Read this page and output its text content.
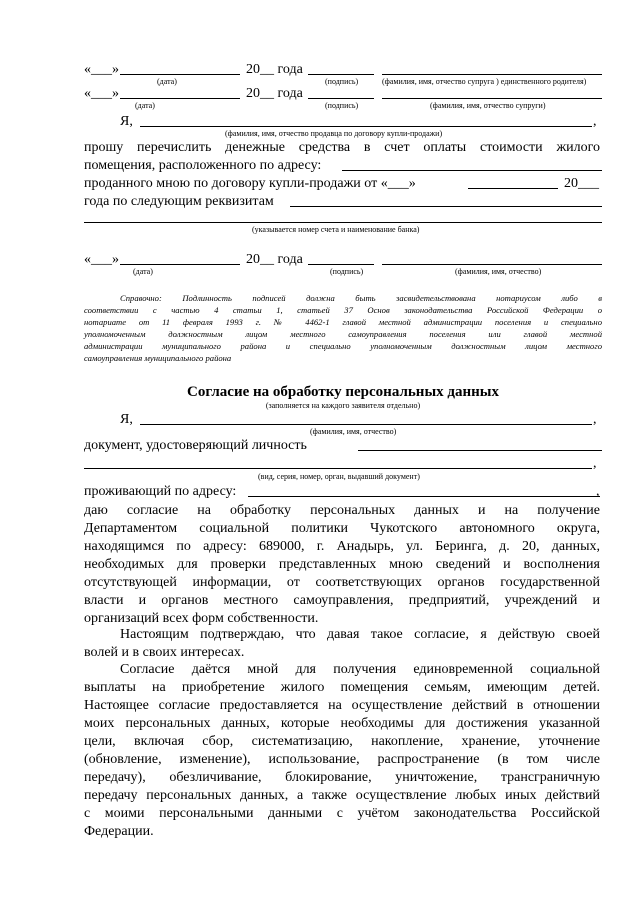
«___»	20__ года
(дата)	(подпись)	(фамилия, имя, отчество супруга ) единственного родителя)
«___»	20__ года
(дата)	(подпись)	(фамилия, имя, отчество супруги)
Я,	,
(фамилия, имя, отчество продавца по договору купли-продажи)
прошу перечислить денежные средства в счет оплаты стоимости жилого
помещения, расположенного по адресу:
проданного мною по договору купли-продажи от «___»	20___
года по следующим реквизитам
(указывается номер счета и наименование банка)
«___»	20__ года
(дата)	(подпись)	(фамилия, имя, отчество)
Справочно: Подлинность подписей должна быть засвидетельствована нотариусом либо в
соответствии с частью 4 статьи 1, статьей 37 Основ законодательства Российской Федерации о
нотариате от 11 февраля 1993 г. № 4462-1 главой местной администрации поселения и специально
уполномоченным должностным лицом местного самоуправления поселения или главой местной
администрации муниципального района и специально уполномоченным должностным лицом местного
самоуправления муниципального района
Согласие на обработку персональных данных
(заполняется на каждого заявителя отдельно)
Я,	,
(фамилия, имя, отчество)
документ, удостоверяющий личность
,
(вид, серия, номер, орган, выдавший документ)
проживающий по адресу:	,
даю согласие на обработку персональных данных и на получение
Департаментом социальной политики Чукотского автономного округа,
находящимся по адресу: 689000, г. Анадырь, ул. Беринга, д. 20, данных,
необходимых для проверки представленных мною сведений и восполнения
отсутствующей информации, от соответствующих органов государственной
власти и органов местного самоуправления, предприятий, учреждений и
организаций всех форм собственности.
Настоящим подтверждаю, что давая такое согласие, я действую своей
волей и в своих интересах.
Согласие даётся мной для получения единовременной социальной
выплаты на приобретение жилого помещения семьям, имеющим детей.
Настоящее согласие предоставляется на осуществление действий в отношении
моих персональных данных, которые необходимы для достижения указанной
цели, включая сбор, систематизацию, накопление, хранение, уточнение
(обновление, изменение), использование, распространение (в том числе
передачу), обезличивание, блокирование, уничтожение, трансграничную
передачу персональных данных, а также осуществление любых иных действий
с моими персональными данными с учётом законодательства Российской
Федерации.
